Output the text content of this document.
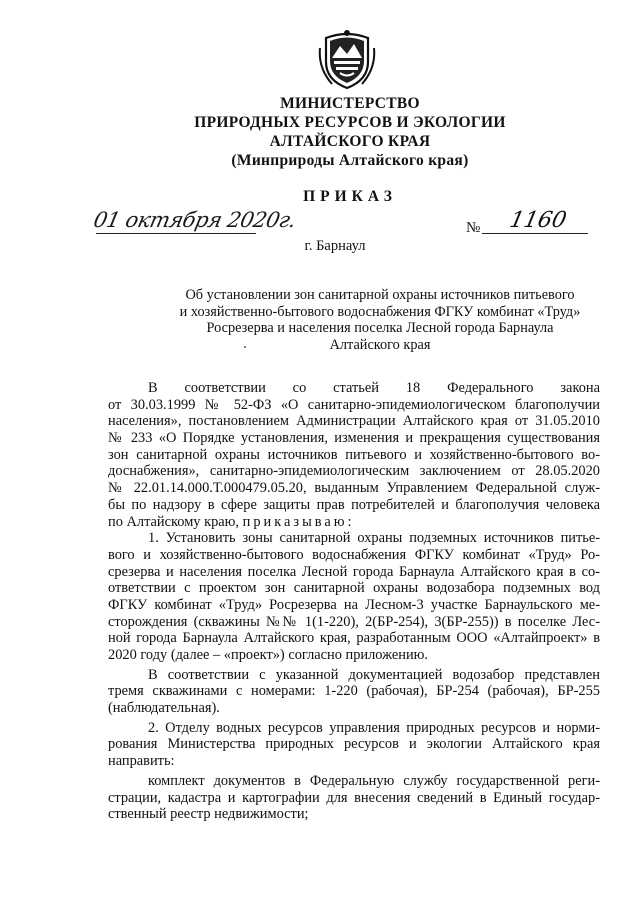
МИНИСТЕРСТВО
ПРИРОДНЫХ РЕСУРСОВ И ЭКОЛОГИИ
АЛТАЙСКОГО КРАЯ
(Минприроды Алтайского края)
ПРИКАЗ
01 октября 2020г.	№ 1160
г. Барнаул
Об установлении зон санитарной охраны источников питьевого
и хозяйственно-бытового водоснабжения ФГКУ комбинат «Труд»
Росрезерва и населения поселка Лесной города Барнаула
Алтайского края
В соответствии со статьей 18 Федерального закона
от 30.03.1999 № 52-ФЗ «О санитарно-эпидемиологическом благополучии
населения», постановлением Администрации Алтайского края от 31.05.2010
№ 233 «О Порядке установления, изменения и прекращения существования
зон санитарной охраны источников питьевого и хозяйственно-бытового во-
доснабжения», санитарно-эпидемиологическим заключением от 28.05.2020
№ 22.01.14.000.Т.000479.05.20, выданным Управлением Федеральной служ-
бы по надзору в сфере защиты прав потребителей и благополучия человека
по Алтайскому краю, приказываю:
1. Установить зоны санитарной охраны подземных источников питье-
вого и хозяйственно-бытового водоснабжения ФГКУ комбинат «Труд» Ро-
срезерва и населения поселка Лесной города Барнаула Алтайского края в со-
ответствии с проектом зон санитарной охраны водозабора подземных вод
ФГКУ комбинат «Труд» Росрезерва на Лесном-3 участке Барнаульского ме-
сторождения (скважины №№ 1(1-220), 2(БР-254), 3(БР-255)) в поселке Лес-
ной города Барнаула Алтайского края, разработанным ООО «Алтайпроект» в
2020 году (далее – «проект») согласно приложению.
В соответствии с указанной документацией водозабор представлен
тремя скважинами с номерами: 1-220 (рабочая), БР-254 (рабочая), БР-255
(наблюдательная).
2. Отделу водных ресурсов управления природных ресурсов и норми-
рования Министерства природных ресурсов и экологии Алтайского края
направить:
комплект документов в Федеральную службу государственной реги-
страции, кадастра и картографии для внесения сведений в Единый государ-
ственный реестр недвижимости;
